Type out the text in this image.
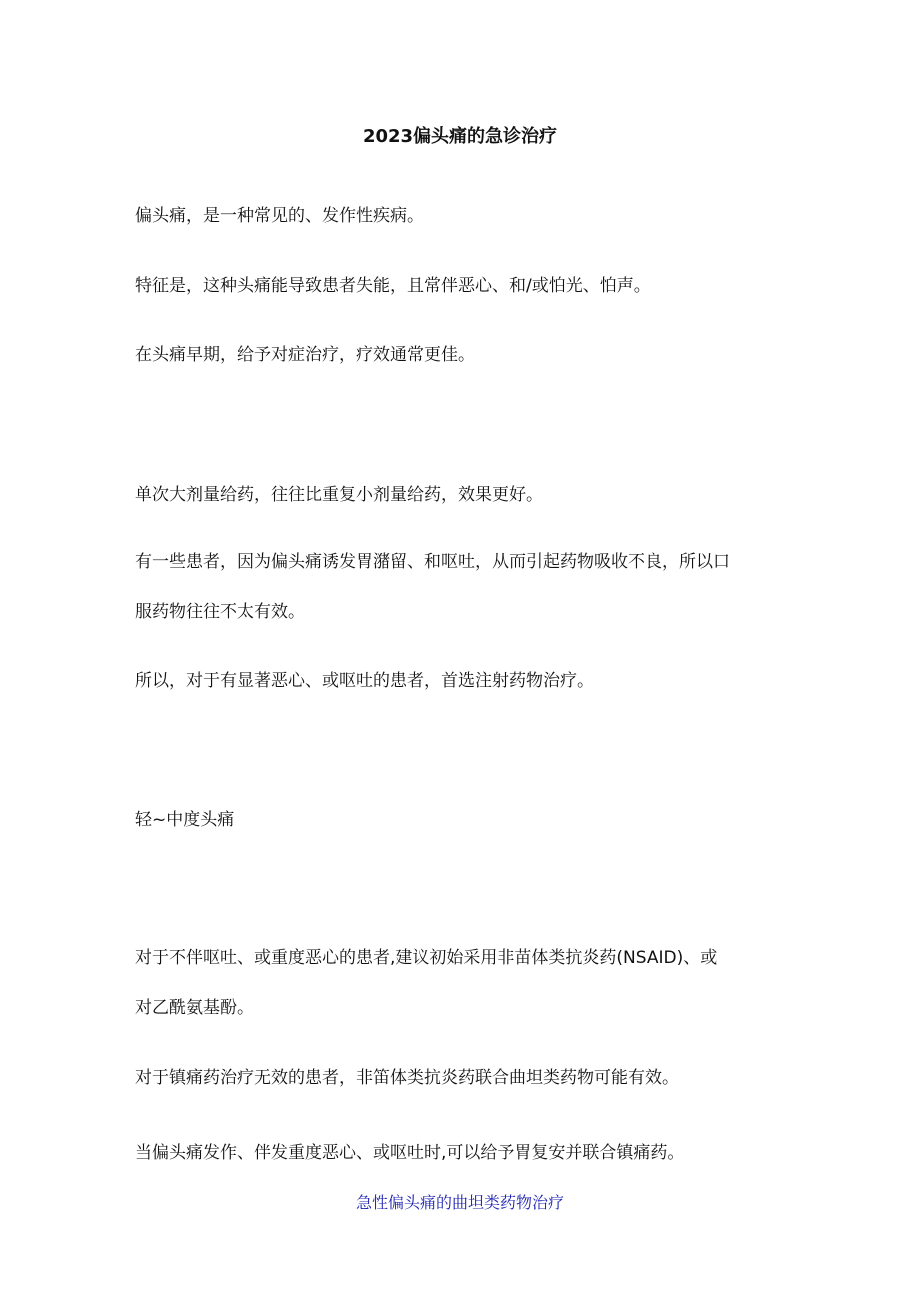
2023偏头痛的急诊治疗

偏头痛，是一种常见的、发作性疾病。

特征是，这种头痛能导致患者失能，且常伴恶心、和/或怕光、怕声。

在头痛早期，给予对症治疗，疗效通常更佳。

单次大剂量给药，往往比重复小剂量给药，效果更好。

有一些患者，因为偏头痛诱发胃潴留、和呕吐，从而引起药物吸收不良，所以口

服药物往往不太有效。

所以，对于有显著恶心、或呕吐的患者，首选注射药物治疗。

轻~中度头痛

对于不伴呕吐、或重度恶心的患者,建议初始采用非苗体类抗炎药(NSAID)、或

对乙酰氨基酚。

对于镇痛药治疗无效的患者，非笛体类抗炎药联合曲坦类药物可能有效。

当偏头痛发作、伴发重度恶心、或呕吐时,可以给予胃复安并联合镇痛药。

急性偏头痛的曲坦类药物治疗
